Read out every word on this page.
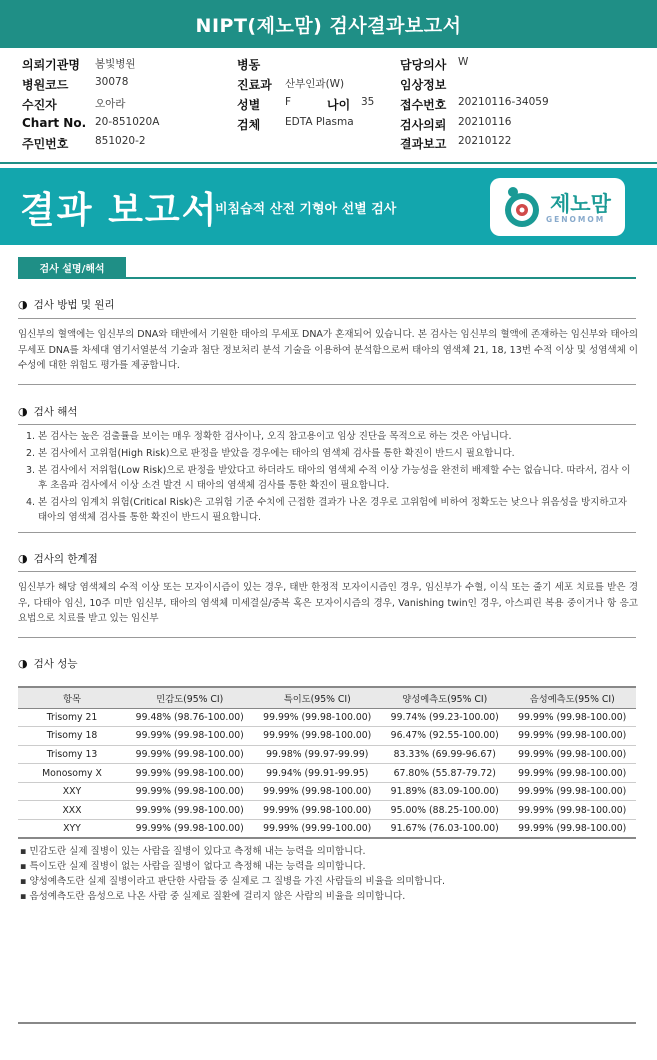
NIPT(제노맘) 검사결과보고서
의뢰기관명 봄빛병원	병동	담당의사 W
병원코드	30078	진료과 산부인과(W)	임상정보
수진자	오아라	성별 F	나이 35 접수번호 20210116-34059
Chart No. 20-851020A	검체 EDTA Plasma	검사의뢰 20210116
주민번호	851020-2	결과보고 20210122
결과 보고서
비침습적 산전 기형아 선별 검사	제노맘
GENOMOM
검사 설명/해석
◑ 검사 방법 및 원리

임신부의 혈액에는 임신부의 DNA와 태반에서 기원한 태아의 무세포 DNA가 혼재되어 있습니다. 본 검사는 임신부의 혈액에 존재하는 임신부와 태아의 무세포 DNA를 차세대 염기서열분석 기술과 첨단 정보처리 분석 기술을 이용하여 분석함으로써 태아의 염색체 21, 18, 13번 수적 이상 및 성염색체 이수성에 대한 위험도 평가를 제공합니다.

◑ 검사 해석
1. 본 검사는 높은 검출률을 보이는 매우 정확한 검사이나, 오직 참고용이고 임상 진단을 목적으로 하는 것은 아닙니다.
2. 본 검사에서 고위험(High Risk)으로 판정을 받았을 경우에는 태아의 염색체 검사를 통한 확진이 반드시 필요합니다.
3. 본 검사에서 저위험(Low Risk)으로 판정을 받았다고 하더라도 태아의 염색체 수적 이상 가능성을 완전히 배제할 수는 없습니다. 따라서, 검사 이후 초음파 검사에서 이상 소견 발견 시 태아의 염색체 검사를 통한 확진이 필요합니다.
4. 본 검사의 임계치 위험(Critical Risk)은 고위험 기준 수치에 근접한 결과가 나온 경우로 고위험에 비하여 정확도는 낮으나 위음성을 방지하고자 태아의 염색체 검사를 통한 확진이 반드시 필요합니다.
◑ 검사의 한계점

임신부가 해당 염색체의 수적 이상 또는 모자이시즘이 있는 경우, 태반 한정적 모자이시즘인 경우, 임신부가 수혈, 이식 또는 줄기 세포 치료를 받은 경우, 다태아 임신, 10주 미만 임신부, 태아의 염색체 미세결실/중복 혹은 모자이시즘의 경우, Vanishing twin인 경우, 아스피린 복용 중이거나 항 응고 요법으로 치료를 받고 있는 임신부

◑ 검사 성능
항목	민감도(95% CI)	특이도(95% CI)	양성예측도(95% CI)	음성예측도(95% CI)
Trisomy 21	99.48% (98.76-100.00)	99.99% (99.98-100.00)	99.74% (99.23-100.00)	99.99% (99.98-100.00)
Trisomy 18	99.99% (99.98-100.00)	99.99% (99.98-100.00)	96.47% (92.55-100.00)	99.99% (99.98-100.00)
Trisomy 13	99.99% (99.98-100.00)	99.98% (99.97-99.99)	83.33% (69.99-96.67)	99.99% (99.98-100.00)
Monosomy X	99.99% (99.98-100.00)	99.94% (99.91-99.95)	67.80% (55.87-79.72)	99.99% (99.98-100.00)
XXY	99.99% (99.98-100.00)	99.99% (99.98-100.00)	91.89% (83.09-100.00)	99.99% (99.98-100.00)
XXX	99.99% (99.98-100.00)	99.99% (99.98-100.00)	95.00% (88.25-100.00)	99.99% (99.98-100.00)
XYY	99.99% (99.98-100.00)	99.99% (99.99-100.00)	91.67% (76.03-100.00)	99.99% (99.98-100.00)
▪ 민감도란 실제 질병이 있는 사람을 질병이 있다고 측정해 내는 능력을 의미합니다.
▪ 특이도란 실제 질병이 없는 사람을 질병이 없다고 측정해 내는 능력을 의미합니다.
▪ 양성예측도란 실제 질병이라고 판단한 사람들 중 실제로 그 질병을 가진 사람들의 비율을 의미합니다.
▪ 음성예측도란 음성으로 나온 사람 중 실제로 질환에 걸리지 않은 사람의 비율을 의미합니다.
